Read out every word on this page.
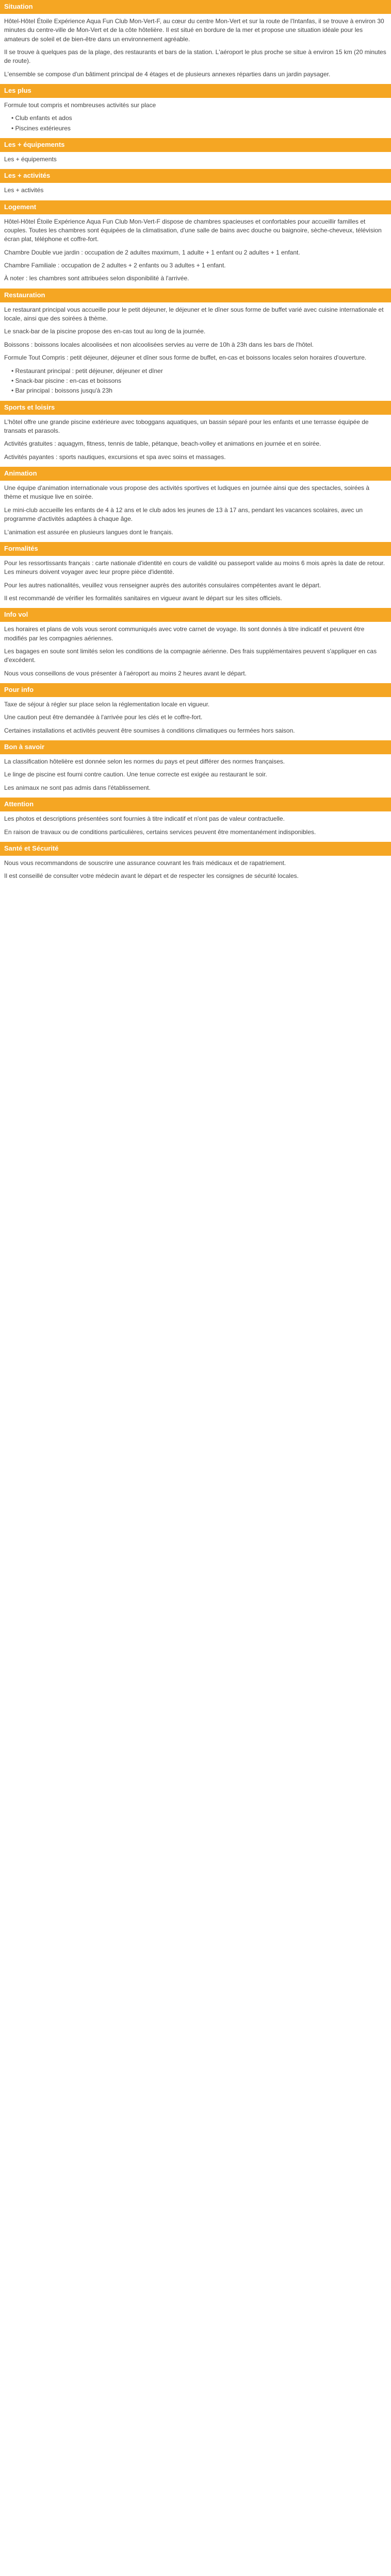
Situation

Hôtel-Hôtel Étoile Expérience Aqua Fun Club Mon-Vert-F, au cœur du centre Mon-Vert et sur la route de l'Intanfas, il se trouve à environ 30 minutes du centre-ville de Mon-Vert et de la côte hôtelière. Il est situé en bordure de la mer et propose une situation idéale pour les amateurs de soleil et de bien-être dans un environnement agréable.

Il se trouve à quelques pas de la plage, des restaurants et bars de la station. L'aéroport le plus proche se situe à environ 15 km (20 minutes de route).

L'ensemble se compose d'un bâtiment principal de 4 étages et de plusieurs annexes réparties dans un jardin paysager.

Les plus

Formule tout compris et nombreuses activités sur place

• Club enfants et ados
• Piscines extérieures
Les + équipements

Les + équipements

Les + activités

Les + activités

Logement

Hôtel-Hôtel Étoile Expérience Aqua Fun Club Mon-Vert-F dispose de chambres spacieuses et confortables pour accueillir familles et couples. Toutes les chambres sont équipées de la climatisation, d'une salle de bains avec douche ou baignoire, sèche-cheveux, télévision écran plat, téléphone et coffre-fort.

Chambre Double vue jardin : occupation de 2 adultes maximum, 1 adulte + 1 enfant ou 2 adultes + 1 enfant.

Chambre Familiale : occupation de 2 adultes + 2 enfants ou 3 adultes + 1 enfant.

À noter : les chambres sont attribuées selon disponibilité à l'arrivée.

Restauration

Le restaurant principal vous accueille pour le petit déjeuner, le déjeuner et le dîner sous forme de buffet varié avec cuisine internationale et locale, ainsi que des soirées à thème.

Le snack-bar de la piscine propose des en-cas tout au long de la journée.

Boissons : boissons locales alcoolisées et non alcoolisées servies au verre de 10h à 23h dans les bars de l'hôtel.

Formule Tout Compris : petit déjeuner, déjeuner et dîner sous forme de buffet, en-cas et boissons locales selon horaires d'ouverture.

• Restaurant principal : petit déjeuner, déjeuner et dîner
• Snack-bar piscine : en-cas et boissons
• Bar principal : boissons jusqu'à 23h
Sports et loisirs

L'hôtel offre une grande piscine extérieure avec toboggans aquatiques, un bassin séparé pour les enfants et une terrasse équipée de transats et parasols.

Activités gratuites : aquagym, fitness, tennis de table, pétanque, beach-volley et animations en journée et en soirée.

Activités payantes : sports nautiques, excursions et spa avec soins et massages.

Animation

Une équipe d'animation internationale vous propose des activités sportives et ludiques en journée ainsi que des spectacles, soirées à thème et musique live en soirée.

Le mini-club accueille les enfants de 4 à 12 ans et le club ados les jeunes de 13 à 17 ans, pendant les vacances scolaires, avec un programme d'activités adaptées à chaque âge.

L'animation est assurée en plusieurs langues dont le français.

Formalités

Pour les ressortissants français : carte nationale d'identité en cours de validité ou passeport valide au moins 6 mois après la date de retour. Les mineurs doivent voyager avec leur propre pièce d'identité.

Pour les autres nationalités, veuillez vous renseigner auprès des autorités consulaires compétentes avant le départ.

Il est recommandé de vérifier les formalités sanitaires en vigueur avant le départ sur les sites officiels.

Info vol

Les horaires et plans de vols vous seront communiqués avec votre carnet de voyage. Ils sont donnés à titre indicatif et peuvent être modifiés par les compagnies aériennes.

Les bagages en soute sont limités selon les conditions de la compagnie aérienne. Des frais supplémentaires peuvent s'appliquer en cas d'excédent.

Nous vous conseillons de vous présenter à l'aéroport au moins 2 heures avant le départ.

Pour info

Taxe de séjour à régler sur place selon la réglementation locale en vigueur.

Une caution peut être demandée à l'arrivée pour les clés et le coffre-fort.

Certaines installations et activités peuvent être soumises à conditions climatiques ou fermées hors saison.

Bon à savoir

La classification hôtelière est donnée selon les normes du pays et peut différer des normes françaises.

Le linge de piscine est fourni contre caution. Une tenue correcte est exigée au restaurant le soir.

Les animaux ne sont pas admis dans l'établissement.

Attention

Les photos et descriptions présentées sont fournies à titre indicatif et n'ont pas de valeur contractuelle.

En raison de travaux ou de conditions particulières, certains services peuvent être momentanément indisponibles.

Santé et Sécurité

Nous vous recommandons de souscrire une assurance couvrant les frais médicaux et de rapatriement.

Il est conseillé de consulter votre médecin avant le départ et de respecter les consignes de sécurité locales.
